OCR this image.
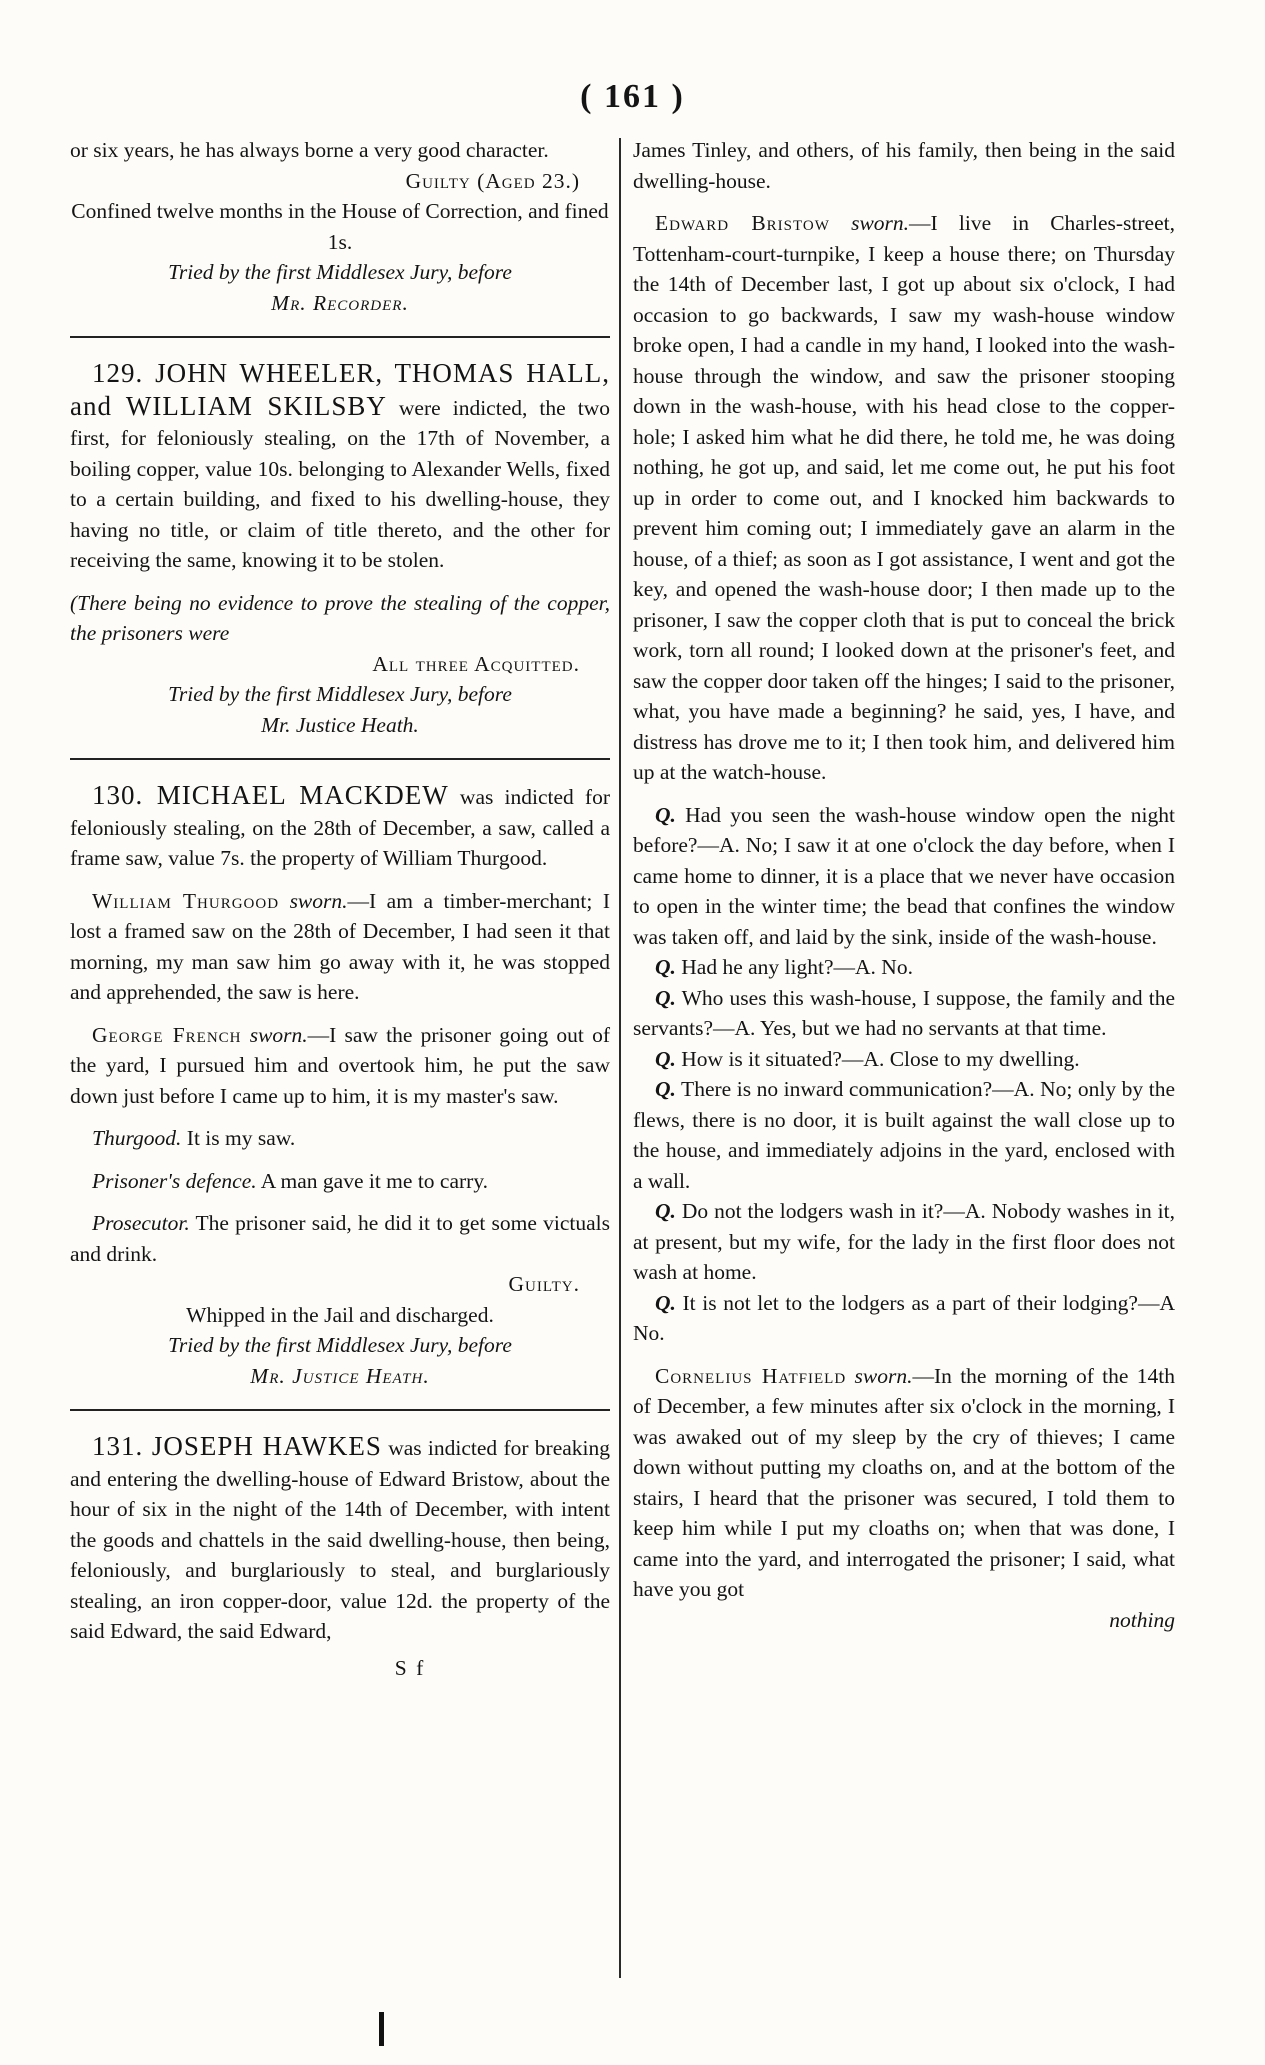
( 161 )

or six years, he has always borne a very good character.

Guilty (Aged 23.)

Confined twelve months in the House of Correction, and fined 1s.

Tried by the first Middlesex Jury, before

Mr. Recorder.

129. JOHN WHEELER, THOMAS HALL, and WILLIAM SKILSBY were indicted, the two first, for feloniously stealing, on the 17th of November, a boiling copper, value 10s. belonging to Alexander Wells, fixed to a certain building, and fixed to his dwelling-house, they having no title, or claim of title thereto, and the other for receiving the same, knowing it to be stolen.

(There being no evidence to prove the stealing of the copper, the prisoners were

All three Acquitted.

Tried by the first Middlesex Jury, before

Mr. Justice Heath.

130. MICHAEL MACKDEW was indicted for feloniously stealing, on the 28th of December, a saw, called a frame saw, value 7s. the property of William Thurgood.

William Thurgood sworn.—I am a timber-merchant; I lost a framed saw on the 28th of December, I had seen it that morning, my man saw him go away with it, he was stopped and apprehended, the saw is here.

George French sworn.—I saw the prisoner going out of the yard, I pursued him and overtook him, he put the saw down just before I came up to him, it is my master's saw.

Thurgood. It is my saw.

Prisoner's defence. A man gave it me to carry.

Prosecutor. The prisoner said, he did it to get some victuals and drink.

Guilty.

Whipped in the Jail and discharged.

Tried by the first Middlesex Jury, before

Mr. Justice Heath.

131. JOSEPH HAWKES was indicted for breaking and entering the dwelling-house of Edward Bristow, about the hour of six in the night of the 14th of December, with intent the goods and chattels in the said dwelling-house, then being, feloniously, and burglariously to steal, and burglariously stealing, an iron copper-door, value 12d. the property of the said Edward, the said Edward,

S f

James Tinley, and others, of his family, then being in the said dwelling-house.

Edward Bristow sworn.—I live in Charles-street, Tottenham-court-turnpike, I keep a house there; on Thursday the 14th of December last, I got up about six o'clock, I had occasion to go backwards, I saw my wash-house window broke open, I had a candle in my hand, I looked into the wash-house through the window, and saw the prisoner stooping down in the wash-house, with his head close to the copper-hole; I asked him what he did there, he told me, he was doing nothing, he got up, and said, let me come out, he put his foot up in order to come out, and I knocked him backwards to prevent him coming out; I immediately gave an alarm in the house, of a thief; as soon as I got assistance, I went and got the key, and opened the wash-house door; I then made up to the prisoner, I saw the copper cloth that is put to conceal the brick work, torn all round; I looked down at the prisoner's feet, and saw the copper door taken off the hinges; I said to the prisoner, what, you have made a beginning? he said, yes, I have, and distress has drove me to it; I then took him, and delivered him up at the watch-house.

Q. Had you seen the wash-house window open the night before?—A. No; I saw it at one o'clock the day before, when I came home to dinner, it is a place that we never have occasion to open in the winter time; the bead that confines the window was taken off, and laid by the sink, inside of the wash-house.

Q. Had he any light?—A. No.

Q. Who uses this wash-house, I suppose, the family and the servants?—A. Yes, but we had no servants at that time.

Q. How is it situated?—A. Close to my dwelling.

Q. There is no inward communication?—A. No; only by the flews, there is no door, it is built against the wall close up to the house, and immediately adjoins in the yard, enclosed with a wall.

Q. Do not the lodgers wash in it?—A. Nobody washes in it, at present, but my wife, for the lady in the first floor does not wash at home.

Q. It is not let to the lodgers as a part of their lodging?—A No.

Cornelius Hatfield sworn.—In the morning of the 14th of December, a few minutes after six o'clock in the morning, I was awaked out of my sleep by the cry of thieves; I came down without putting my cloaths on, and at the bottom of the stairs, I heard that the prisoner was secured, I told them to keep him while I put my cloaths on; when that was done, I came into the yard, and interrogated the prisoner; I said, what have you got

nothing
